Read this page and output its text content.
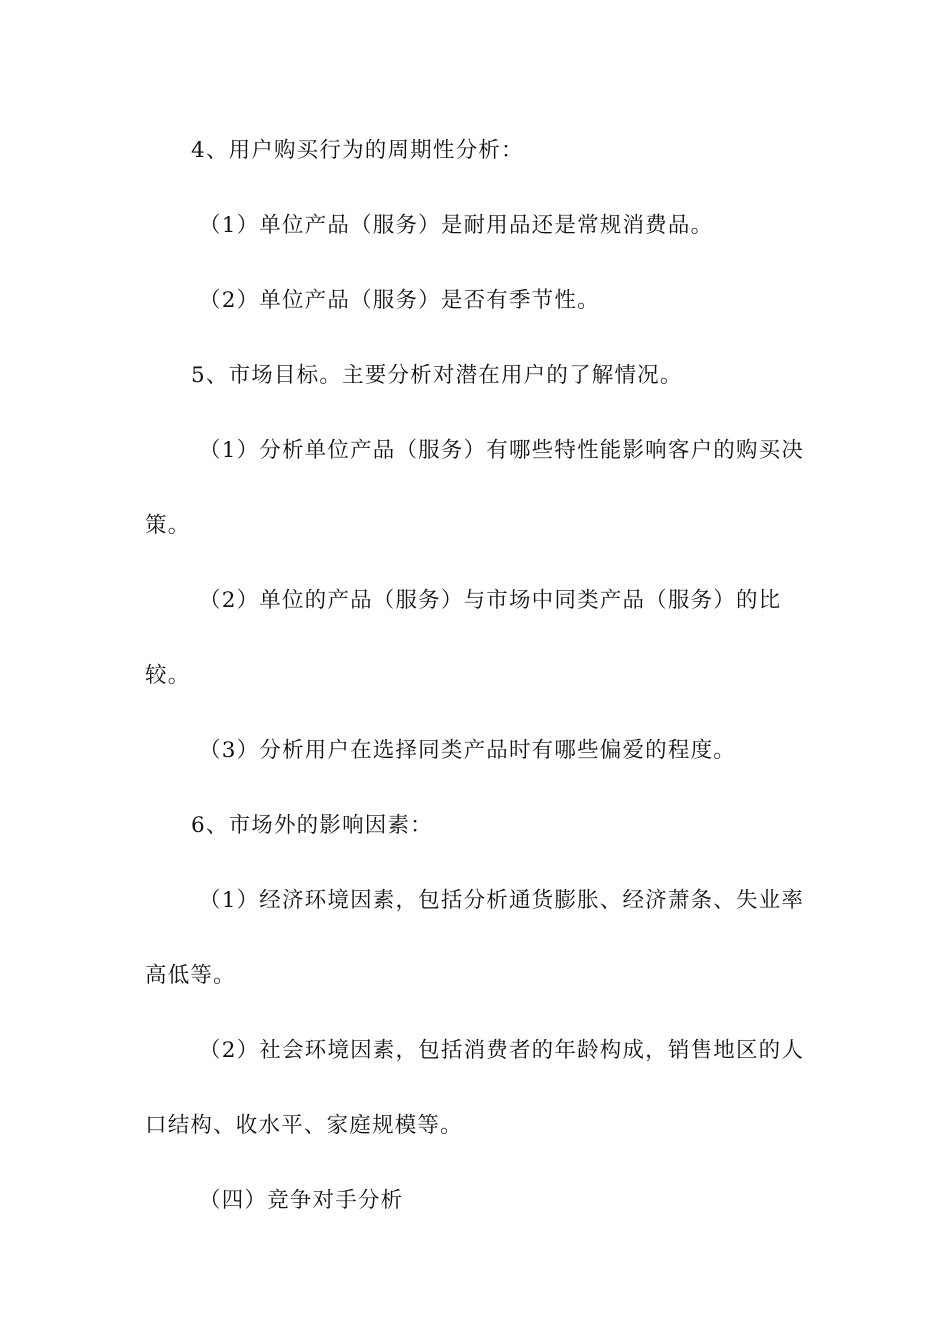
4、用户购买行为的周期性分析：

（1）单位产品（服务）是耐用品还是常规消费品。

（2）单位产品（服务）是否有季节性。

5、市场目标。主要分析对潜在用户的了解情况。

（1）分析单位产品（服务）有哪些特性能影响客户的购买决策。

（2）单位的产品（服务）与市场中同类产品（服务）的比较。

（3）分析用户在选择同类产品时有哪些偏爱的程度。

6、市场外的影响因素：

（1）经济环境因素，包括分析通货膨胀、经济萧条、失业率高低等。

（2）社会环境因素，包括消费者的年龄构成，销售地区的人口结构、收水平、家庭规模等。

（四）竞争对手分析
